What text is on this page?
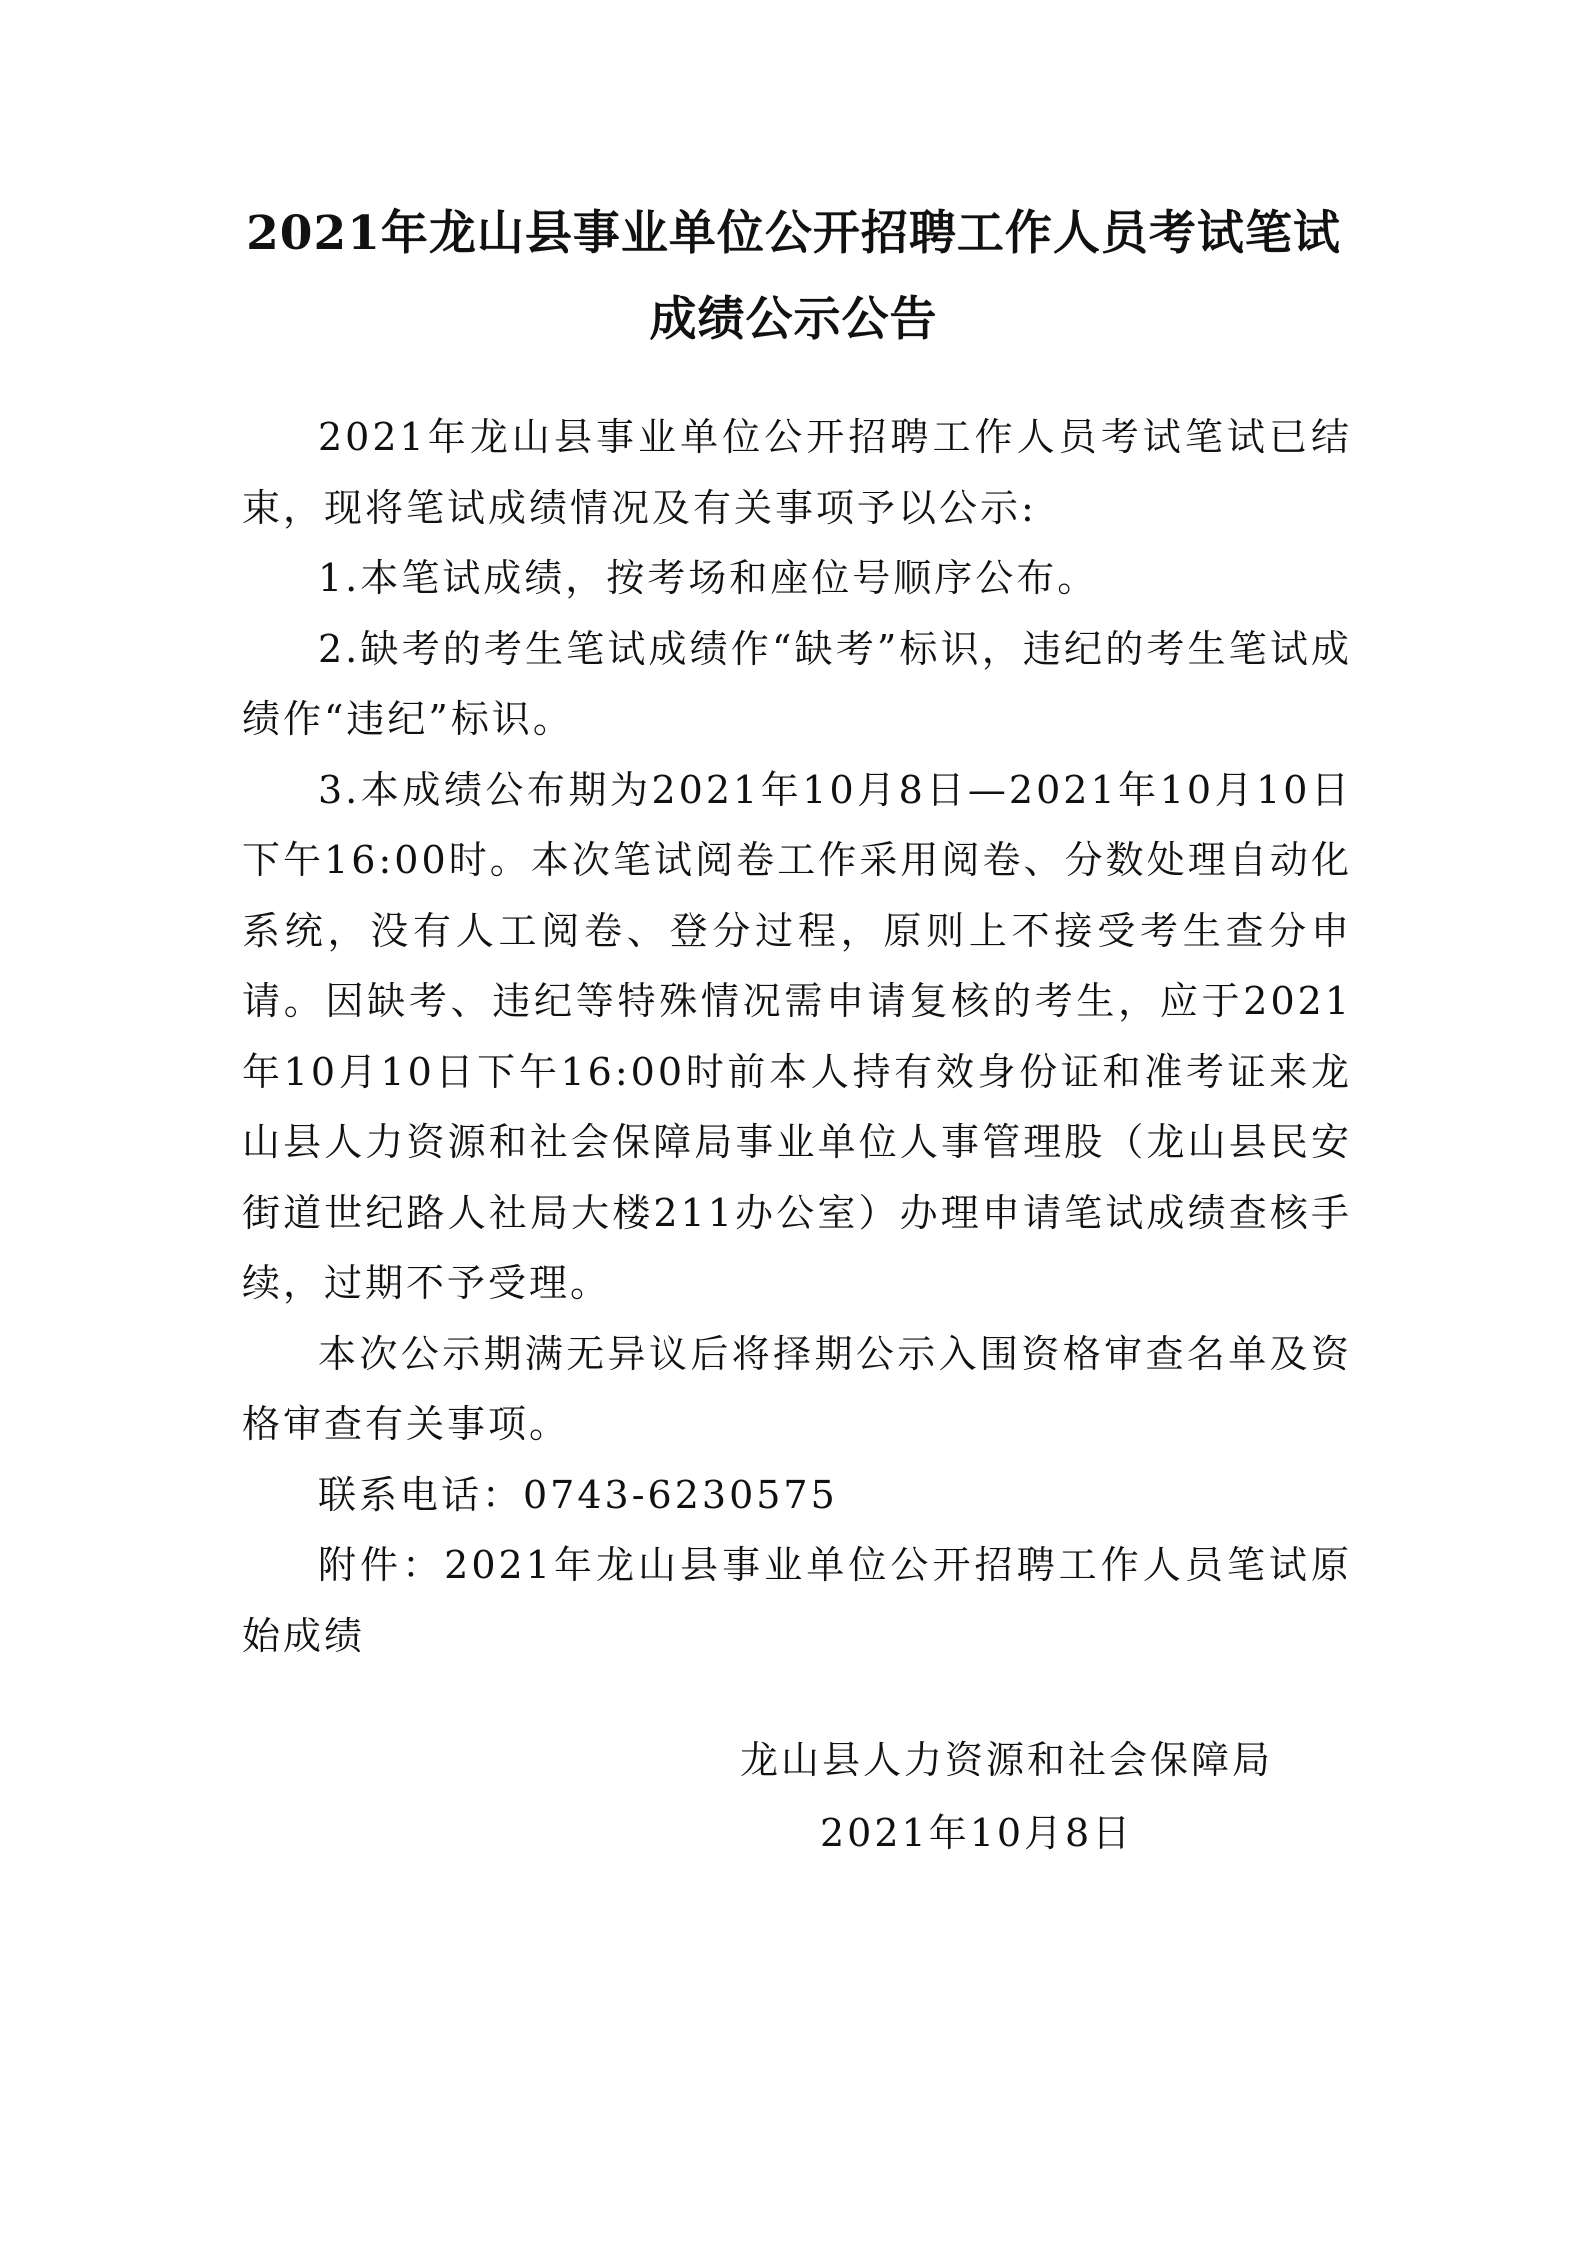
2021年龙山县事业单位公开招聘工作人员考试笔试
成绩公示公告

2021年龙山县事业单位公开招聘工作人员考试笔试已结束，现将笔试成绩情况及有关事项予以公示:

1.本笔试成绩，按考场和座位号顺序公布。

2.缺考的考生笔试成绩作“缺考”标识，违纪的考生笔试成绩作“违纪”标识。

3.本成绩公布期为2021年10月8日—2021年10月10日下午16:00时。本次笔试阅卷工作采用阅卷、分数处理自动化系统，没有人工阅卷、登分过程，原则上不接受考生查分申请。因缺考、违纪等特殊情况需申请复核的考生，应于2021年10月10日下午16:00时前本人持有效身份证和准考证来龙山县人力资源和社会保障局事业单位人事管理股（龙山县民安街道世纪路人社局大楼211办公室）办理申请笔试成绩查核手续，过期不予受理。

本次公示期满无异议后将择期公示入围资格审查名单及资格审查有关事项。

联系电话：0743-6230575

附件：2021年龙山县事业单位公开招聘工作人员笔试原始成绩

龙山县人力资源和社会保障局
2021年10月8日
